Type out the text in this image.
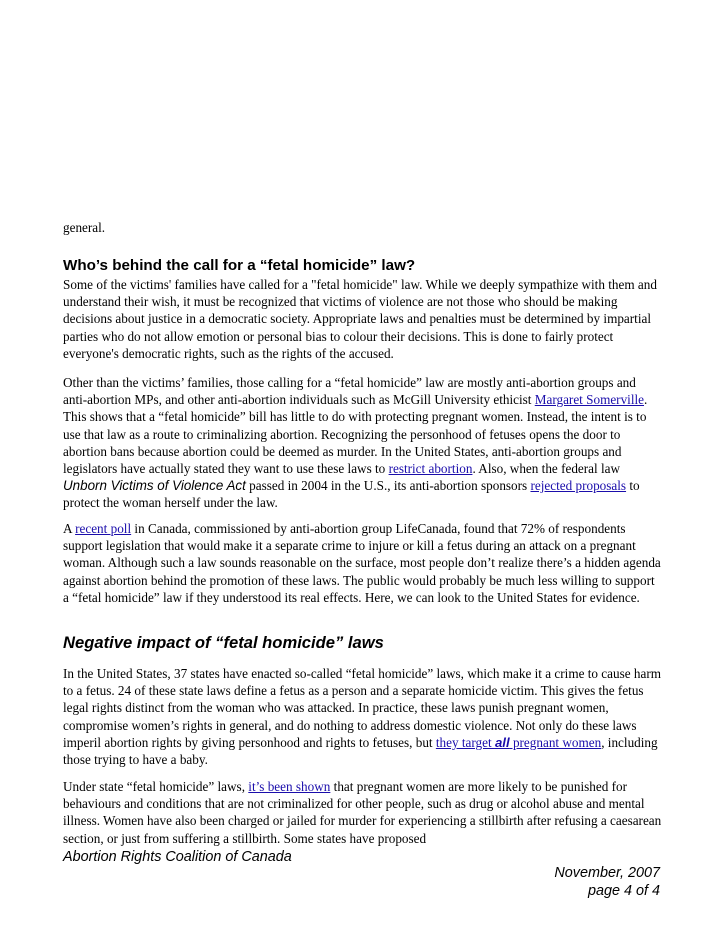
general.

Who’s behind the call for a “fetal homicide” law?

Some of the victims' families have called for a "fetal homicide" law. While we deeply sympathize with them and understand their wish, it must be recognized that victims of violence are not those who should be making decisions about justice in a democratic society. Appropriate laws and penalties must be determined by impartial parties who do not allow emotion or personal bias to colour their decisions. This is done to fairly protect everyone's democratic rights, such as the rights of the accused.

Other than the victims’ families, those calling for a “fetal homicide” law are mostly anti-abortion groups and anti-abortion MPs, and other anti-abortion individuals such as McGill University ethicist Margaret Somerville. This shows that a “fetal homicide” bill has little to do with protecting pregnant women. Instead, the intent is to use that law as a route to criminalizing abortion. Recognizing the personhood of fetuses opens the door to abortion bans because abortion could be deemed as murder. In the United States, anti-abortion groups and legislators have actually stated they want to use these laws to restrict abortion. Also, when the federal law Unborn Victims of Violence Act passed in 2004 in the U.S., its anti-abortion sponsors rejected proposals to protect the woman herself under the law.

A recent poll in Canada, commissioned by anti-abortion group LifeCanada, found that 72% of respondents support legislation that would make it a separate crime to injure or kill a fetus during an attack on a pregnant woman. Although such a law sounds reasonable on the surface, most people don’t realize there’s a hidden agenda against abortion behind the promotion of these laws. The public would probably be much less willing to support a “fetal homicide” law if they understood its real effects. Here, we can look to the United States for evidence.

Negative impact of “fetal homicide” laws

In the United States, 37 states have enacted so-called “fetal homicide” laws, which make it a crime to cause harm to a fetus. 24 of these state laws define a fetus as a person and a separate homicide victim. This gives the fetus legal rights distinct from the woman who was attacked. In practice, these laws punish pregnant women, compromise women’s rights in general, and do nothing to address domestic violence. Not only do these laws imperil abortion rights by giving personhood and rights to fetuses, but they target all pregnant women, including those trying to have a baby.

Under state “fetal homicide” laws, it’s been shown that pregnant women are more likely to be punished for behaviours and conditions that are not criminalized for other people, such as drug or alcohol abuse and mental illness. Women have also been charged or jailed for murder for experiencing a stillbirth after refusing a caesarean section, or just from suffering a stillbirth. Some states have proposed

Abortion Rights Coalition of Canada
November, 2007
page 4 of 4
